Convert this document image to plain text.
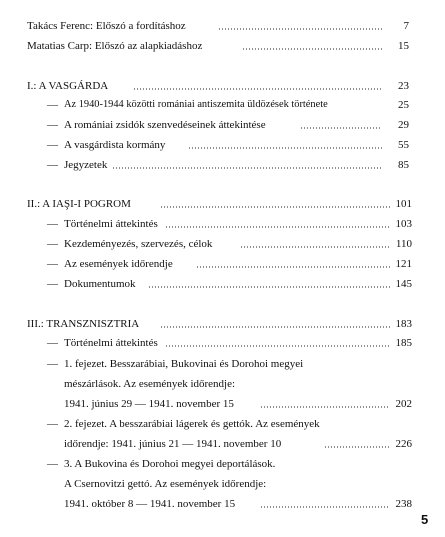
Takács Ferenc: Előszó a fordításhoz	7
Matatias Carp: Előszó az alapkiadáshoz	15
I.: A VASGÁRDA	23
— Az 1940-1944 közötti romániai antiszemita üldözések története	25
— A romániai zsidók szenvedéseinek áttekintése	29
— A vasgárdista kormány	55
— Jegyzetek	85
II.: A IAŞI-I POGROM	101
— Történelmi áttekintés	103
— Kezdeményezés, szervezés, célok	110
— Az események időrendje	121
— Dokumentumok	145
III.: TRANSZNISZTRIA	183
— Történelmi áttekintés	185
— 1. fejezet. Besszarábiai, Bukovinai és Dorohoi megyei
mészárlások. Az események időrendje:
1941. június 29 — 1941. november 15	202
— 2. fejezet. A besszarábiai lágerek és gettók. Az események
időrendje: 1941. június 21 — 1941. november 10	226
— 3. A Bukovina és Dorohoi megyei deportálások.
A Csernovitzi gettó. Az események időrendje:
1941. október 8 — 1941. november 15	238
5
